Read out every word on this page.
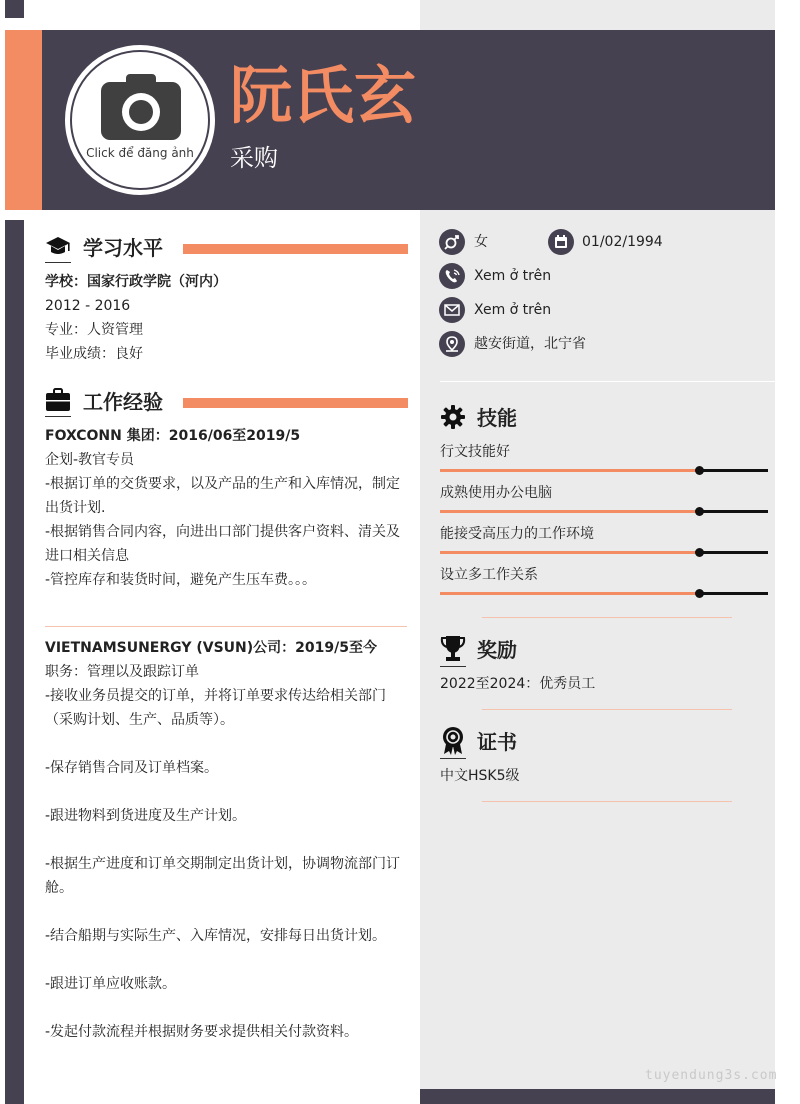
Click để đăng ảnh
阮氏玄
采购
学习水平
学校：国家行政学院（河内）
2012 - 2016
专业：人资管理
毕业成绩：良好
工作经验
FOXCONN 集团：2016/06至2019/5
企划-教官专员
-根据订单的交货要求，以及产品的生产和入库情况，制定出货计划.
-根据销售合同内容，向进出口部门提供客户资料、清关及进口相关信息
-管控库存和装货时间，避免产生压车费。。。
VIETNAMSUNERGY (VSUN)公司：2019/5至今
职务：管理以及跟踪订单
-接收业务员提交的订单，并将订单要求传达给相关部门（采购计划、生产、品质等）。
-保存销售合同及订单档案。
-跟进物料到货进度及生产计划。
-根据生产进度和订单交期制定出货计划，协调物流部门订舱。
-结合船期与实际生产、入库情况，安排每日出货计划。
-跟进订单应收账款。
-发起付款流程并根据财务要求提供相关付款资料。
女	01/02/1994
Xem ở trên
Xem ở trên
越安街道，北宁省
技能
行文技能好
成熟使用办公电脑
能接受高压力的工作环境
设立多工作关系
奖励
2022至2024：优秀员工
证书
中文HSK5级
tuyendung3s.com
